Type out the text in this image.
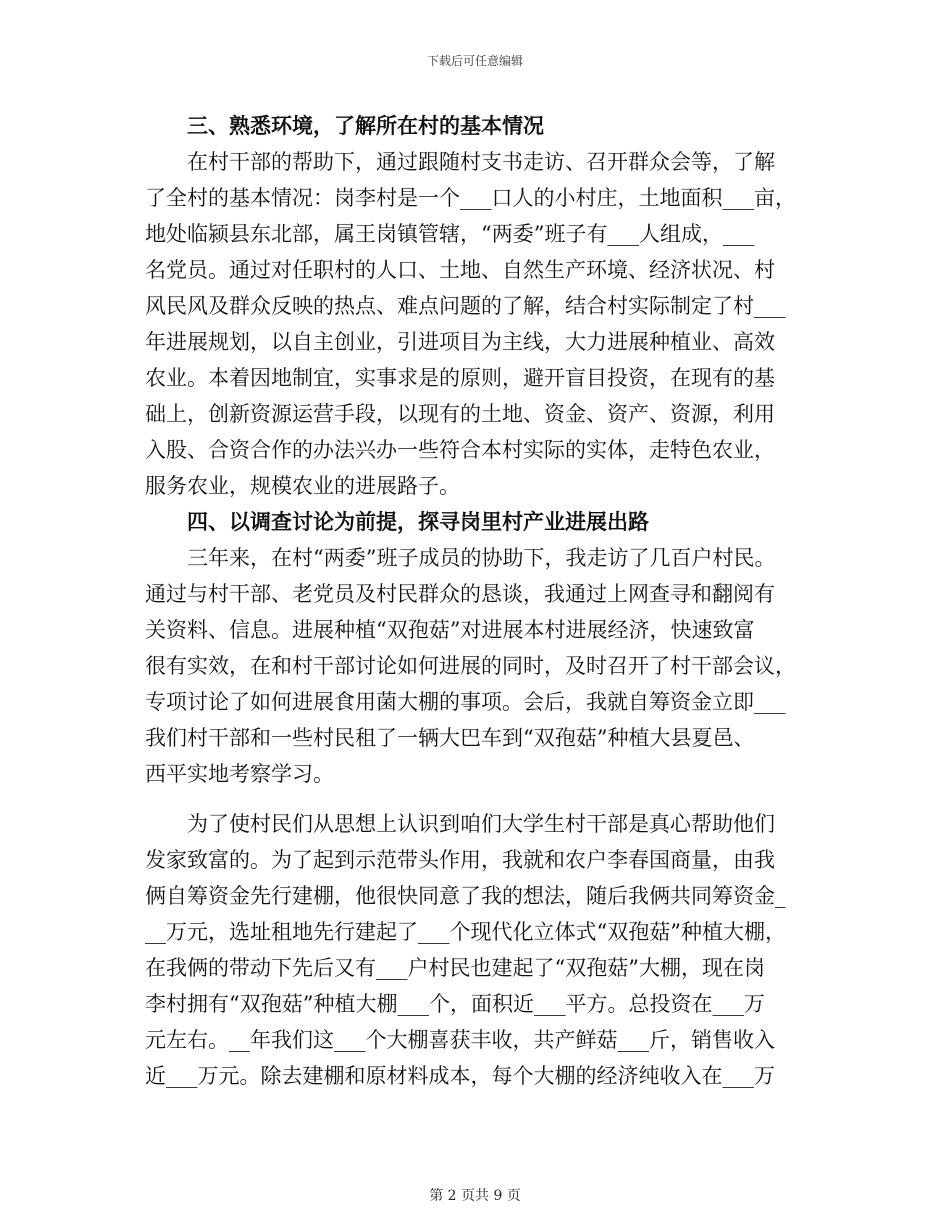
下载后可任意编辑
三、熟悉环境，了解所在村的基本情况
在村干部的帮助下，通过跟随村支书走访、召开群众会等，了解
了全村的基本情况：岗李村是一个___口人的小村庄，土地面积___亩，
地处临颍县东北部，属王岗镇管辖，“两委”班子有___人组成，___
名党员。通过对任职村的人口、土地、自然生产环境、经济状况、村
风民风及群众反映的热点、难点问题的了解，结合村实际制定了村___
年进展规划，以自主创业，引进项目为主线，大力进展种植业、高效
农业。本着因地制宜，实事求是的原则，避开盲目投资，在现有的基
础上，创新资源运营手段，以现有的土地、资金、资产、资源，利用
入股、合资合作的办法兴办一些符合本村实际的实体，走特色农业，
服务农业，规模农业的进展路子。
四、以调查讨论为前提，探寻岗里村产业进展出路
三年来，在村“两委”班子成员的协助下，我走访了几百户村民。
通过与村干部、老党员及村民群众的恳谈，我通过上网查寻和翻阅有
关资料、信息。进展种植“双孢菇”对进展本村进展经济，快速致富
很有实效，在和村干部讨论如何进展的同时，及时召开了村干部会议，
专项讨论了如何进展食用菌大棚的事项。会后，我就自筹资金立即___
我们村干部和一些村民租了一辆大巴车到“双孢菇”种植大县夏邑、
西平实地考察学习。
为了使村民们从思想上认识到咱们大学生村干部是真心帮助他们
发家致富的。为了起到示范带头作用，我就和农户李春国商量，由我
俩自筹资金先行建棚，他很快同意了我的想法，随后我俩共同筹资金_
__万元，选址租地先行建起了___个现代化立体式“双孢菇”种植大棚，
在我俩的带动下先后又有___户村民也建起了“双孢菇”大棚，现在岗
李村拥有“双孢菇”种植大棚___个，面积近___平方。总投资在___万
元左右。__年我们这___个大棚喜获丰收，共产鲜菇___斤，销售收入
近___万元。除去建棚和原材料成本，每个大棚的经济纯收入在___万
第 2 页共 9 页
